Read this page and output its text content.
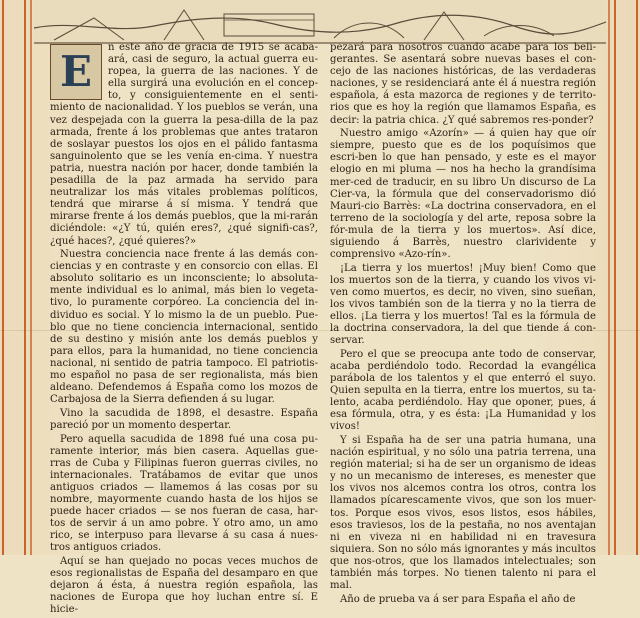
E	n este año de gracia de 1915 se acaba-ará, casi de seguro, la actual guerra eu-ropea, la guerra de las naciones. Y de ella surgirá una evolución en el concep-to, y consiguientemente en el senti-miento de nacionalidad. Y los pueblos se verán, una vez despejada con la guerra la pesa-dilla de la paz armada, frente á los problemas que antes trataron de soslayar puestos los ojos en el pálido fantasma sanguinolento que se les venía en-cima. Y nuestra patria, nuestra nación por hacer, donde también la pesadilla de la paz armada ha servido para neutralizar los más vitales problemas políticos, tendrá que mirarse á sí misma. Y tendrá que mirarse frente á los demás pueblos, que la mi-rarán diciéndole: «¿Y tú, quién eres?, ¿qué signifi-cas?, ¿qué haces?, ¿qué quieres?»

Nuestra conciencia nace frente á las demás con-ciencias y en contraste y en consorcio con ellas. El absoluto solitario es un inconsciente; lo absoluta-mente individual es lo animal, más bien lo vegeta-tivo, lo puramente corpóreo. La conciencia del in-dividuo es social. Y lo mismo la de un pueblo. Pue-blo que no tiene conciencia internacional, sentido de su destino y misión ante los demás pueblos y para ellos, para la humanidad, no tiene conciencia nacional, ni sentido de patria tampoco. El patriotis-mo español no pasa de ser regionalista, más bien aldeano. Defendemos á España como los mozos de Carbajosa de la Sierra defienden á su lugar.

Vino la sacudida de 1898, el desastre. España pareció por un momento despertar.

Pero aquella sacudida de 1898 fué una cosa pu-ramente interior, más bien casera. Aquellas gue-rras de Cuba y Filipinas fueron guerras civiles, no internacionales. Tratábamos de evitar que unos antiguos criados — llamemos á las cosas por su nombre, mayormente cuando hasta de los hijos se puede hacer criados — se nos fueran de casa, har-tos de servir á un amo pobre. Y otro amo, un amo rico, se interpuso para llevarse á su casa á nues-tros antiguos criados.

Aquí se han quejado no pocas veces muchos de esos regionalistas de España del desamparo en que dejaron á ésta, á nuestra región española, las naciones de Europa que hoy luchan entre sí. E hicie-

pezará para nosotros cuando acabe para los beli-gerantes. Se asentará sobre nuevas bases el con-cejo de las naciones históricas, de las verdaderas naciones, y se residenciará ante él á nuestra región española, á esta mazorca de regiones y de territo-rios que es hoy la región que llamamos España, es decir: la patria chica. ¿Y qué sabremos res-ponder?

Nuestro amigo «Azorín» — á quien hay que oír siempre, puesto que es de los poquísimos que escri-ben lo que han pensado, y este es el mayor elogio en mi pluma — nos ha hecho la grandísima mer-ced de traducir, en su libro Un discurso de La Cier-va, la fórmula que del conservadorismo dió Mauri-cio Barrès: «La doctrina conservadora, en el terreno de la sociología y del arte, reposa sobre la fór-mula de la tierra y los muertos». Así dice, siguiendo á Barrès, nuestro clarividente y comprensivo «Azo-rín».

¡La tierra y los muertos! ¡Muy bien! Como que los muertos son de la tierra, y cuando los vivos vi-ven como muertos, es decir, no viven, sino sueñan, los vivos también son de la tierra y no la tierra de ellos. ¡La tierra y los muertos! Tal es la fórmula de la doctrina conservadora, la del que tiende á con-servar.

Pero el que se preocupa ante todo de conservar, acaba perdiéndolo todo. Recordad la evangélica parábola de los talentos y el que enterró el suyo. Quien sepulta en la tierra, entre los muertos, su ta-lento, acaba perdiéndolo. Hay que oponer, pues, á esa fórmula, otra, y es ésta: ¡La Humanidad y los vivos!

Y si España ha de ser una patria humana, una nación espiritual, y no sólo una patria terrena, una región material; si ha de ser un organismo de ideas y no un mecanismo de intereses, es menester que los vivos nos alcemos contra los otros, contra los llamados pícarescamente vivos, que son los muer-tos. Porque esos vivos, esos listos, esos hábiles, esos traviesos, los de la pestaña, no nos aventajan ni en viveza ni en habilidad ni en travesura siquiera. Son no sólo más ignorantes y más incultos que nos-otros, que los llamados intelectuales; son también más torpes. No tienen talento ni para el mal.

Año de prueba va á ser para España el año de
